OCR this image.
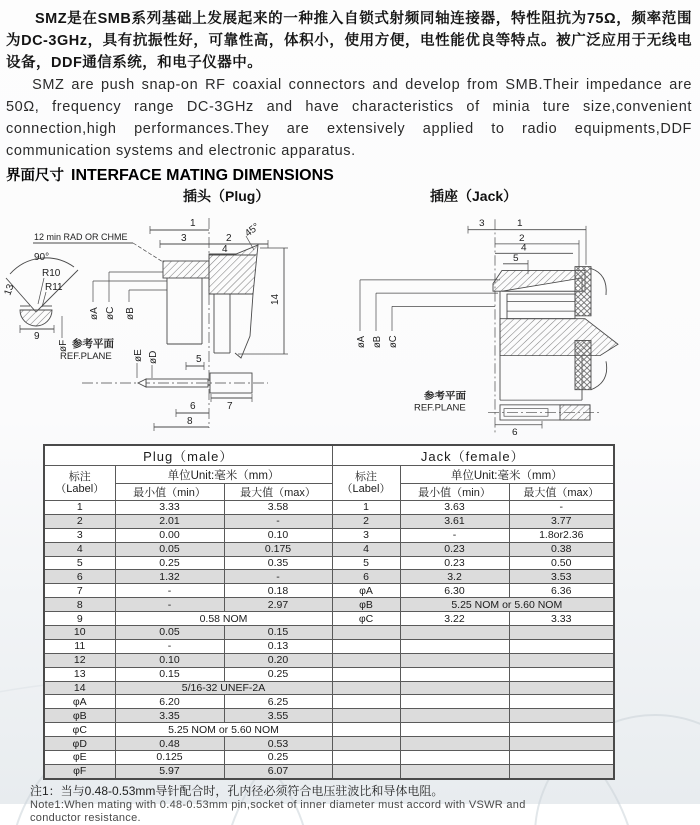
SMZ是在SMB系列基础上发展起来的一种推入自锁式射频同轴连接器，特性阻抗为75Ω，频率范围为DC-3GHz，具有抗振性好，可靠性高，体积小，使用方便，电性能优良等特点。被广泛应用于无线电设备，DDF通信系统，和电子仪器中。

SMZ are push snap-on RF coaxial connectors and develop from SMB.Their impedance are 50Ω, frequency range DC-3GHz and have characteristics of minia ture size,convenient connection,high performances.They are extensively applied to radio equipments,DDF communication systems and electronic apparatus.

界面尺寸 INTERFACE MATING DIMENSIONS
插头（Plug）	插座（Jack）
12 min RAD OR CHME
90°
R10
R11
13
9
øF
1
3	2
4
45°
14
øA øC øB
参考平面
REF.PLANE øE øD	5
7
6
8
3	1
2
4
5
øA øB øC
参考平面
REF.PLANE
6
Plug（male）			Jack（female）		

标注
（Label）	单位Unit:毫米（mm）		标注
（Label）	单位Unit:毫米（mm）	
	最小值（min）	最大值（max）		最小值（min）	最大值（max）
1	3.33	3.58	1	3.63	-
2	2.01	-	2	3.61	3.77
3	0.00	0.10	3	-	1.8or2.36
4	0.05	0.175	4	0.23	0.38
5	0.25	0.35	5	0.23	0.50
6	1.32	-	6	3.2	3.53
7	-	0.18	φA	6.30	6.36
8	-	2.97	φB	5.25 NOM or 5.60 NOM	
9	0.58 NOM		φC	3.22	3.33
10	0.05	0.15			
11	-	0.13			
12	0.10	0.20			
13	0.15	0.25			
14	5/16-32 UNEF-2A				
φA	6.20	6.25			
φB	3.35	3.55			
φC	5.25 NOM or 5.60 NOM				
φD	0.48	0.53			
φE	0.125	0.25			
φF	5.97	6.07			
注1：当与0.48-0.53mm导针配合时，孔内径必须符合电压驻波比和导体电阻。
Note1:When mating with 0.48-0.53mm pin,socket of inner diameter must accord with VSWR and
conductor resistance.
